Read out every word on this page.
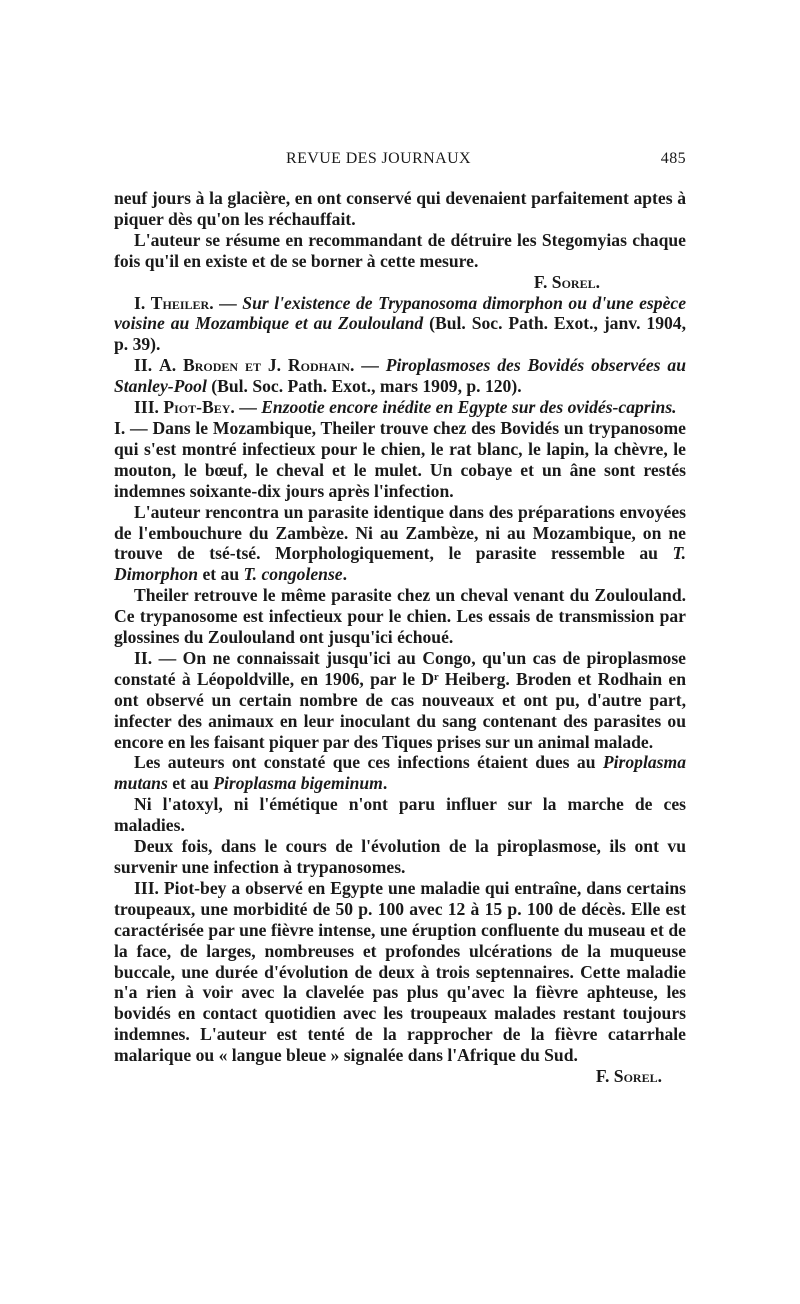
REVUE DES JOURNAUX	485

neuf jours à la glacière, en ont conservé qui devenaient parfaitement aptes à piquer dès qu'on les réchauffait.

L'auteur se résume en recommandant de détruire les Stegomyias chaque fois qu'il en existe et de se borner à cette mesure.

F. Sorel.

I. Theiler. — Sur l'existence de Trypanosoma dimorphon ou d'une espèce voisine au Mozambique et au Zoulouland (Bul. Soc. Path. Exot., janv. 1904, p. 39).

II. A. Broden et J. Rodhain. — Piroplasmoses des Bovidés observées au Stanley-Pool (Bul. Soc. Path. Exot., mars 1909, p. 120).

III. Piot-Bey. — Enzootie encore inédite en Egypte sur des ovidés-caprins.

I. — Dans le Mozambique, Theiler trouve chez des Bovidés un trypanosome qui s'est montré infectieux pour le chien, le rat blanc, le lapin, la chèvre, le mouton, le bœuf, le cheval et le mulet. Un cobaye et un âne sont restés indemnes soixante-dix jours après l'infection.

L'auteur rencontra un parasite identique dans des préparations envoyées de l'embouchure du Zambèze. Ni au Zambèze, ni au Mozambique, on ne trouve de tsé-tsé. Morphologiquement, le parasite ressemble au T. Dimorphon et au T. congolense.

Theiler retrouve le même parasite chez un cheval venant du Zoulouland. Ce trypanosome est infectieux pour le chien. Les essais de transmission par glossines du Zoulouland ont jusqu'ici échoué.

II. — On ne connaissait jusqu'ici au Congo, qu'un cas de piroplasmose constaté à Léopoldville, en 1906, par le Dʳ Heiberg. Broden et Rodhain en ont observé un certain nombre de cas nouveaux et ont pu, d'autre part, infecter des animaux en leur inoculant du sang contenant des parasites ou encore en les faisant piquer par des Tiques prises sur un animal malade.

Les auteurs ont constaté que ces infections étaient dues au Piroplasma mutans et au Piroplasma bigeminum.

Ni l'atoxyl, ni l'émétique n'ont paru influer sur la marche de ces maladies.

Deux fois, dans le cours de l'évolution de la piroplasmose, ils ont vu survenir une infection à trypanosomes.

III. Piot-bey a observé en Egypte une maladie qui entraîne, dans certains troupeaux, une morbidité de 50 p. 100 avec 12 à 15 p. 100 de décès. Elle est caractérisée par une fièvre intense, une éruption confluente du museau et de la face, de larges, nombreuses et profondes ulcérations de la muqueuse buccale, une durée d'évolution de deux à trois septennaires. Cette maladie n'a rien à voir avec la clavelée pas plus qu'avec la fièvre aphteuse, les bovidés en contact quotidien avec les troupeaux malades restant toujours indemnes. L'auteur est tenté de la rapprocher de la fièvre catarrhale malarique ou « langue bleue » signalée dans l'Afrique du Sud.

F. Sorel.
